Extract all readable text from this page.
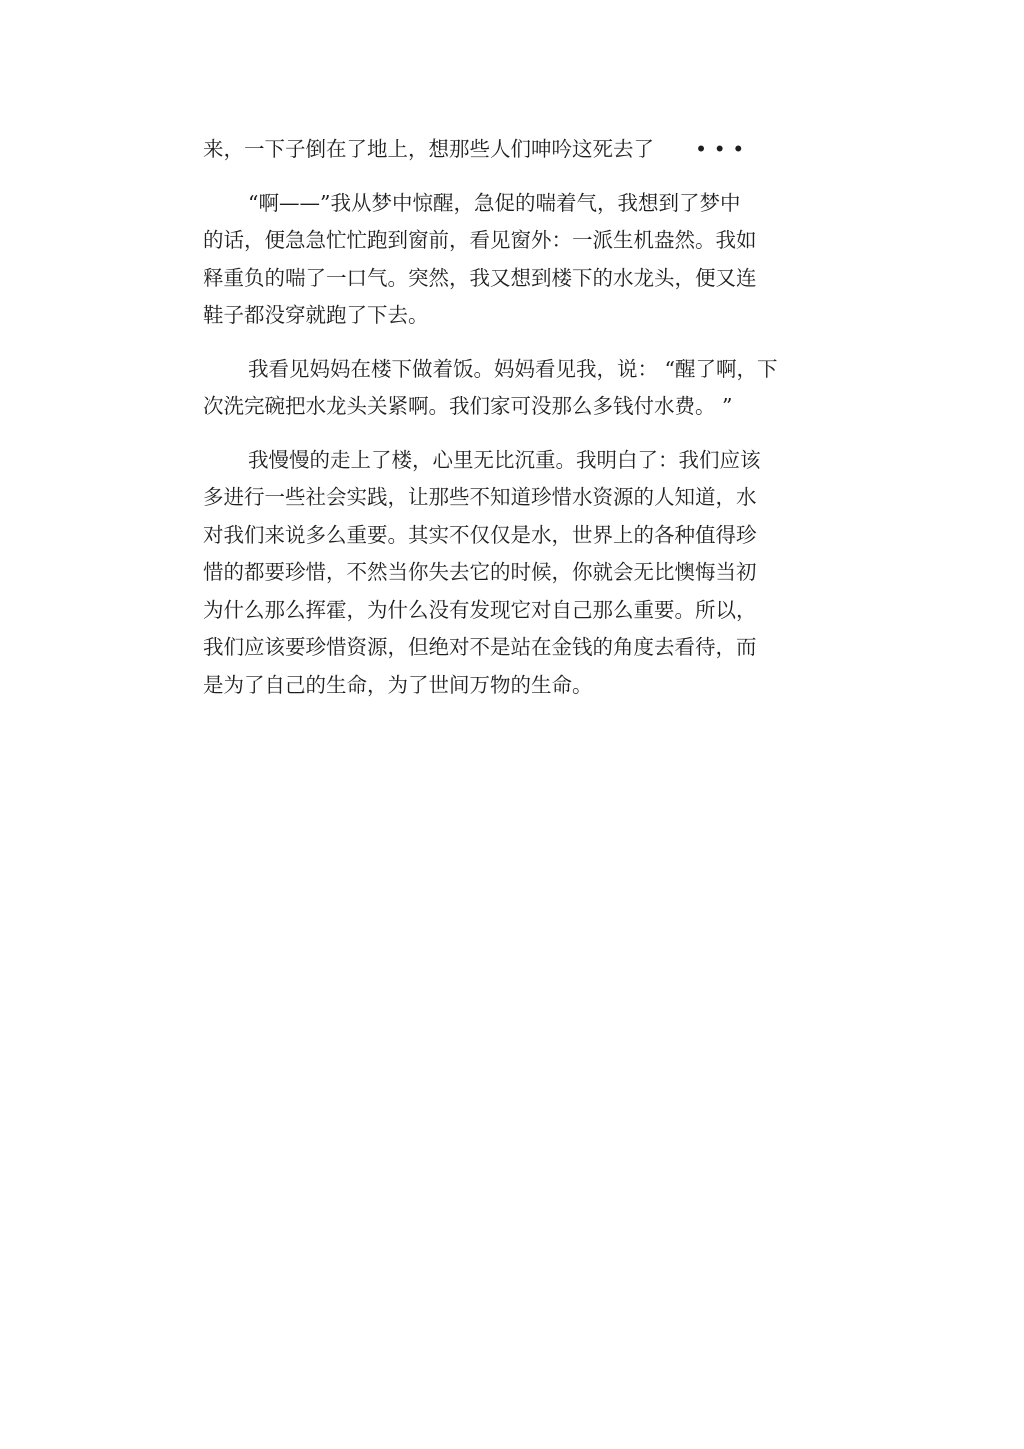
来，一下子倒在了地上，想那些人们呻吟这死去了　　• • •

“啊——”我从梦中惊醒，急促的喘着气，我想到了梦中
的话，便急急忙忙跑到窗前，看见窗外：一派生机盎然。我如
释重负的喘了一口气。突然，我又想到楼下的水龙头，便又连
鞋子都没穿就跑了下去。

我看见妈妈在楼下做着饭。妈妈看见我，说： “醒了啊，下
次洗完碗把水龙头关紧啊。我们家可没那么多钱付水费。 ”

我慢慢的走上了楼，心里无比沉重。我明白了：我们应该
多进行一些社会实践，让那些不知道珍惜水资源的人知道，水
对我们来说多么重要。其实不仅仅是水，世界上的各种值得珍
惜的都要珍惜，不然当你失去它的时候，你就会无比懊悔当初
为什么那么挥霍，为什么没有发现它对自己那么重要。所以，
我们应该要珍惜资源，但绝对不是站在金钱的角度去看待，而
是为了自己的生命，为了世间万物的生命。
